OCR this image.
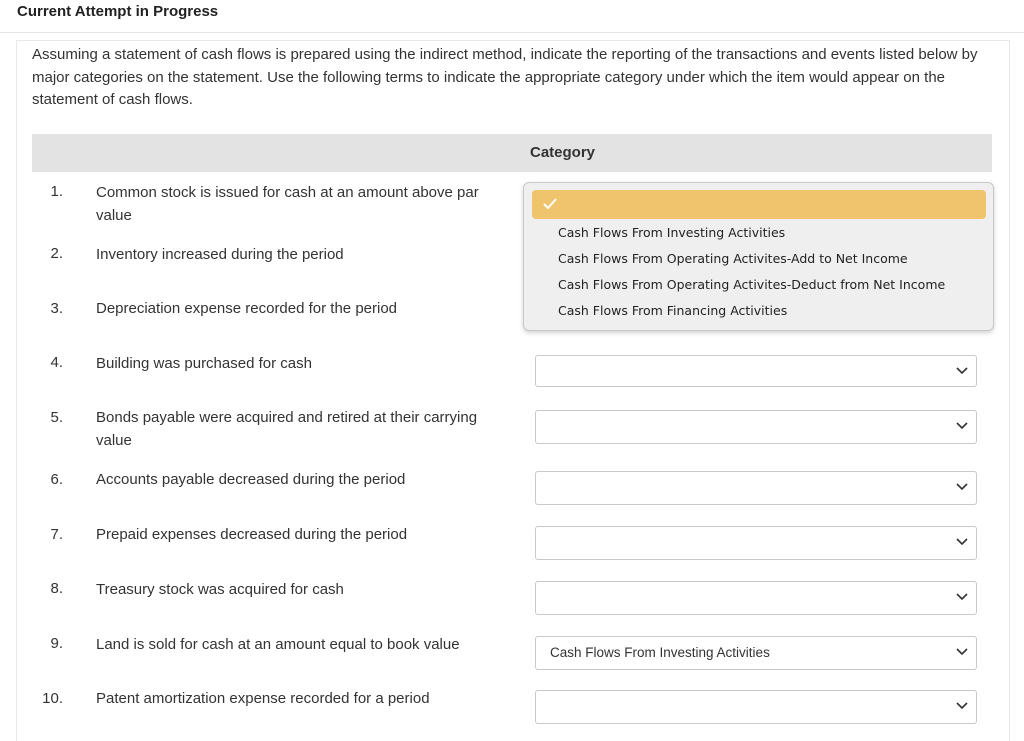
Current Attempt in Progress
Assuming a statement of cash flows is prepared using the indirect method, indicate the reporting of the transactions and events listed below by major categories on the statement. Use the following terms to indicate the appropriate category under which the item would appear on the statement of cash flows.
Category
1. Common stock is issued for cash at an amount above par value
2. Inventory increased during the period
3. Depreciation expense recorded for the period
4. Building was purchased for cash
5. Bonds payable were acquired and retired at their carrying value
6. Accounts payable decreased during the period
7. Prepaid expenses decreased during the period
8. Treasury stock was acquired for cash
9. Land is sold for cash at an amount equal to book value	Cash Flows From Investing Activities
10. Patent amortization expense recorded for a period
Cash Flows From Investing Activities
Cash Flows From Operating Activites-Add to Net Income
Cash Flows From Operating Activites-Deduct from Net Income
Cash Flows From Financing Activities
